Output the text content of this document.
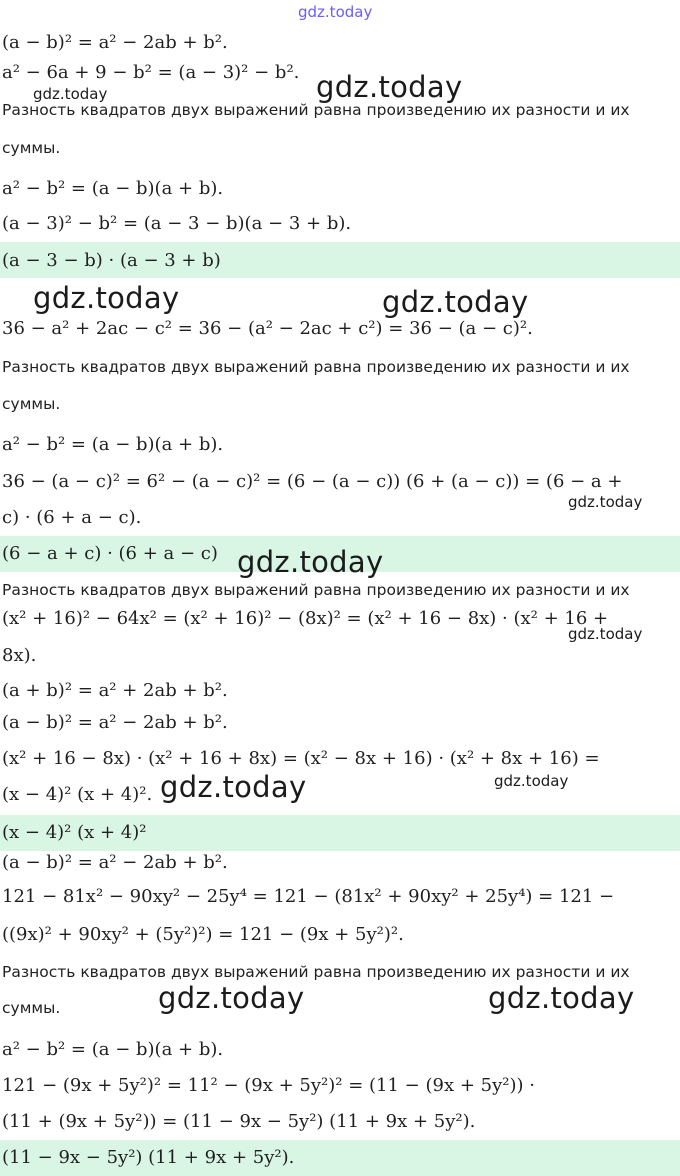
gdz.today
(a − b)² = a² − 2ab + b².
a² − 6a + 9 − b² = (a − 3)² − b².
Разность квадратов двух выражений равна произведению их разности и их
суммы.
a² − b² = (a − b)(a + b).
(a − 3)² − b² = (a − 3 − b)(a − 3 + b).
(a − 3 − b) · (a − 3 + b)
36 − a² + 2ac − c² = 36 − (a² − 2ac + c²) = 36 − (a − c)².
Разность квадратов двух выражений равна произведению их разности и их
суммы.
a² − b² = (a − b)(a + b).
36 − (a − c)² = 6² − (a − c)² = (6 − (a − c)) (6 + (a − c)) = (6 − a +
c) · (6 + a − c).
(6 − a + c) · (6 + a − c)
Разность квадратов двух выражений равна произведению их разности и их
(x² + 16)² − 64x² = (x² + 16)² − (8x)² = (x² + 16 − 8x) · (x² + 16 +
8x).
(a + b)² = a² + 2ab + b².
(a − b)² = a² − 2ab + b².
(x² + 16 − 8x) · (x² + 16 + 8x) = (x² − 8x + 16) · (x² + 8x + 16) =
(x − 4)² (x + 4)².
(x − 4)² (x + 4)²
(a − b)² = a² − 2ab + b².
121 − 81x² − 90xy² − 25y⁴ = 121 − (81x² + 90xy² + 25y⁴) = 121 −
((9x)² + 90xy² + (5y²)²) = 121 − (9x + 5y²)².
Разность квадратов двух выражений равна произведению их разности и их
суммы.
a² − b² = (a − b)(a + b).
121 − (9x + 5y²)² = 11² − (9x + 5y²)² = (11 − (9x + 5y²)) ·
(11 + (9x + 5y²)) = (11 − 9x − 5y²) (11 + 9x + 5y²).
(11 − 9x − 5y²) (11 + 9x + 5y²).
gdz.today
gdz.today
gdz.today	gdz.today
gdz.today
gdz.today
gdz.today
gdz.today	gdz.today
gdz.today	gdz.today
